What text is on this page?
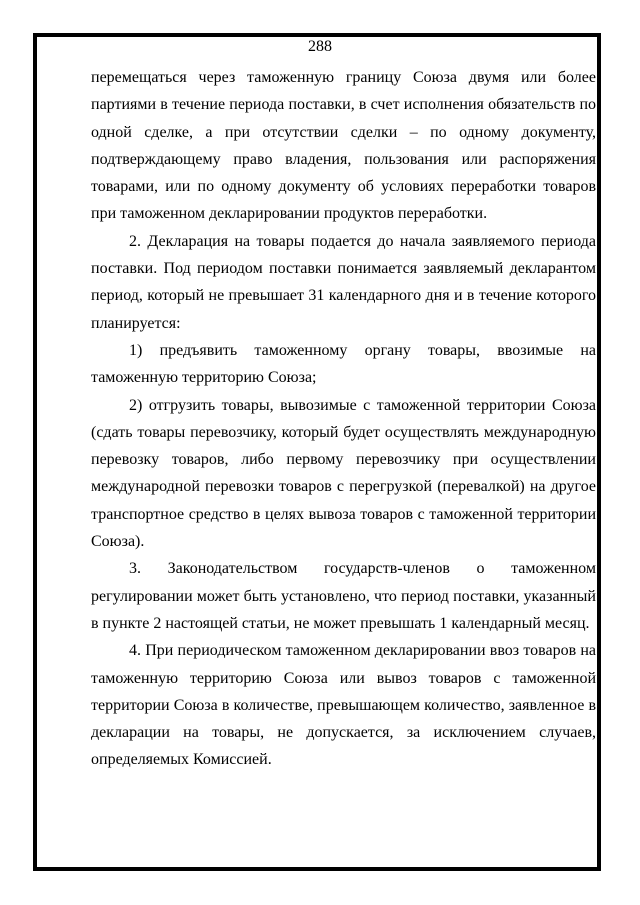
288

перемещаться через таможенную границу Союза двумя или более партиями в течение периода поставки, в счет исполнения обязательств по одной сделке, а при отсутствии сделки – по одному документу, подтверждающему право владения, пользования или распоряжения товарами, или по одному документу об условиях переработки товаров при таможенном декларировании продуктов переработки.

2. Декларация на товары подается до начала заявляемого периода поставки. Под периодом поставки понимается заявляемый декларантом период, который не превышает 31 календарного дня и в течение которого планируется:

1) предъявить таможенному органу товары, ввозимые на таможенную территорию Союза;

2) отгрузить товары, вывозимые с таможенной территории Союза (сдать товары перевозчику, который будет осуществлять международную перевозку товаров, либо первому перевозчику при осуществлении международной перевозки товаров с перегрузкой (перевалкой) на другое транспортное средство в целях вывоза товаров с таможенной территории Союза).

3. Законодательством государств-членов о таможенном регулировании может быть установлено, что период поставки, указанный в пункте 2 настоящей статьи, не может превышать 1 календарный месяц.

4. При периодическом таможенном декларировании ввоз товаров на таможенную территорию Союза или вывоз товаров с таможенной территории Союза в количестве, превышающем количество, заявленное в декларации на товары, не допускается, за исключением случаев, определяемых Комиссией.
